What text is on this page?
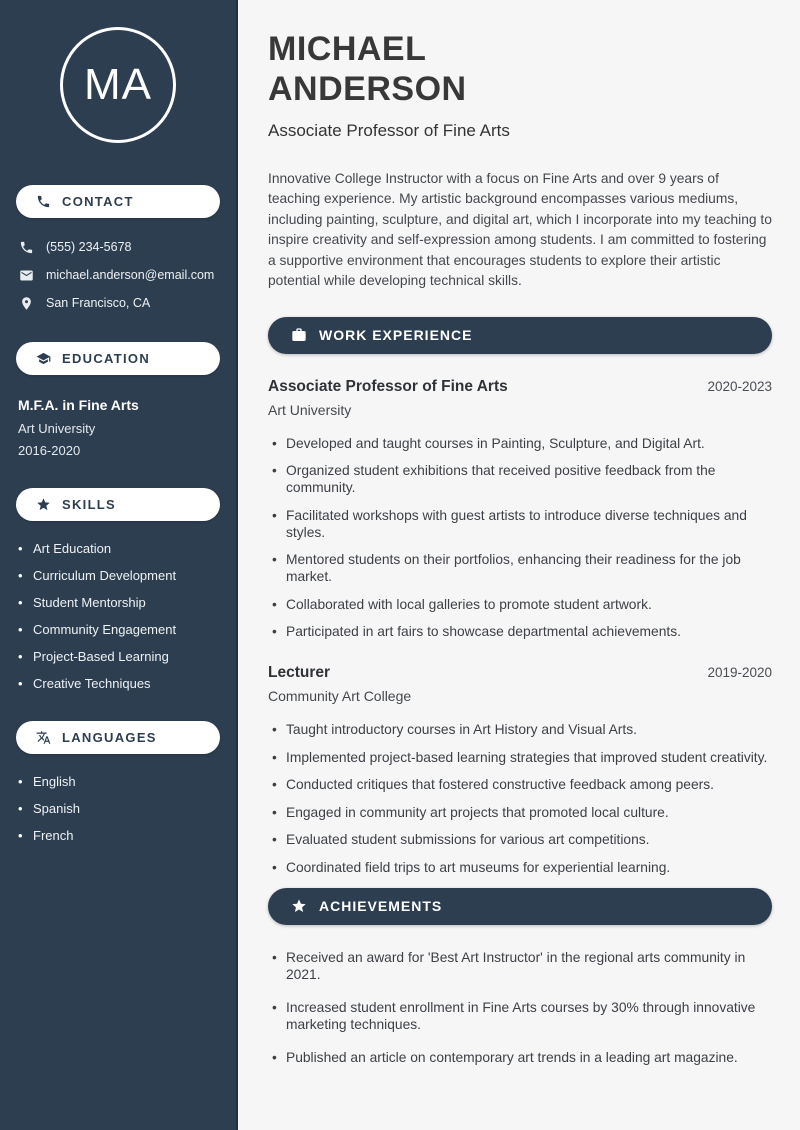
MA
CONTACT
(555) 234-5678
michael.anderson@email.com
San Francisco, CA
EDUCATION
M.F.A. in Fine Arts
Art University
2016-2020
SKILLS
• Art Education
• Curriculum Development
• Student Mentorship
• Community Engagement
• Project-Based Learning
• Creative Techniques
LANGUAGES
• English
• Spanish
• French
MICHAEL
ANDERSON
Associate Professor of Fine Arts

Innovative College Instructor with a focus on Fine Arts and over 9 years of teaching experience. My artistic background encompasses various mediums, including painting, sculpture, and digital art, which I incorporate into my teaching to inspire creativity and self-expression among students. I am committed to fostering a supportive environment that encourages students to explore their artistic potential while developing technical skills.

WORK EXPERIENCE
Associate Professor of Fine Arts	2020-2023
Art University
• Developed and taught courses in Painting, Sculpture, and Digital Art.
• Organized student exhibitions that received positive feedback from the community.
• Facilitated workshops with guest artists to introduce diverse techniques and styles.
• Mentored students on their portfolios, enhancing their readiness for the job market.
• Collaborated with local galleries to promote student artwork.
• Participated in art fairs to showcase departmental achievements.
Lecturer	2019-2020
Community Art College
• Taught introductory courses in Art History and Visual Arts.
• Implemented project-based learning strategies that improved student creativity.
• Conducted critiques that fostered constructive feedback among peers.
• Engaged in community art projects that promoted local culture.
• Evaluated student submissions for various art competitions.
• Coordinated field trips to art museums for experiential learning.
ACHIEVEMENTS
• Received an award for 'Best Art Instructor' in the regional arts community in 2021.
• Increased student enrollment in Fine Arts courses by 30% through innovative marketing techniques.
• Published an article on contemporary art trends in a leading art magazine.
